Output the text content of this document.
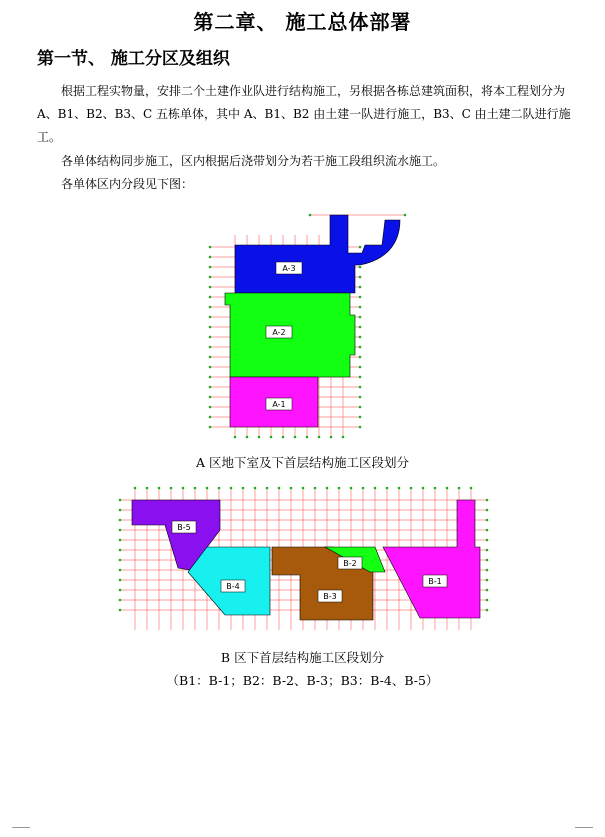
第二章、 施工总体部署
第一节、 施工分区及组织

根据工程实物量，安排二个土建作业队进行结构施工，另根据各栋总建筑面积，将本工程划分为 A、B1、B2、B3、C 五栋单体，其中 A、B1、B2 由土建一队进行施工，B3、C 由土建二队进行施工。

各单体结构同步施工，区内根据后浇带划分为若干施工段组织流水施工。

各单体区内分段见下图：

A-3
A-2
A-1
A 区地下室及下首层结构施工区段划分
B-5
B-4
B-3
B-2
B-1
B 区下首层结构施工区段划分
（B1：B-1；B2：B-2、B-3；B3：B-4、B-5）
